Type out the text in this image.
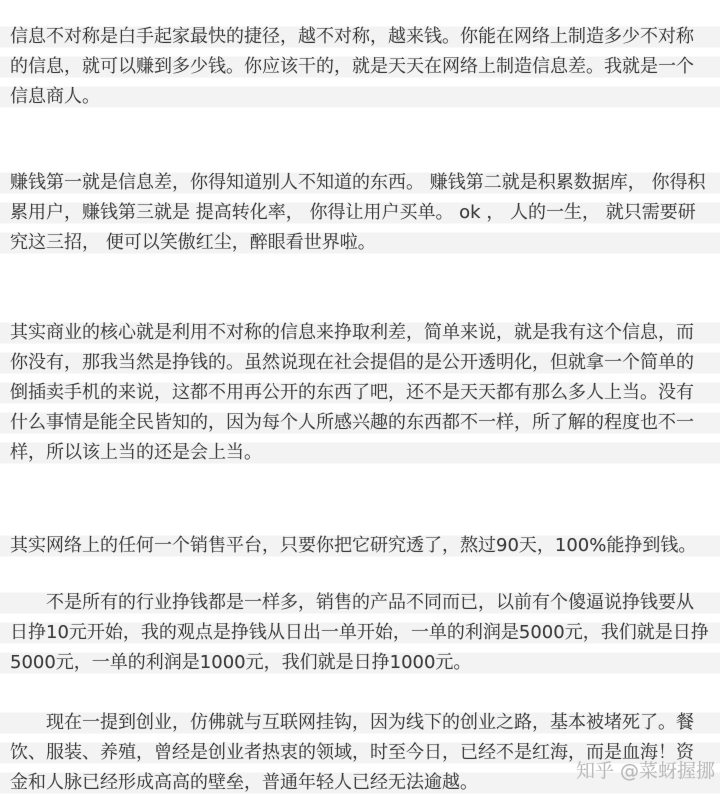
信息不对称是白手起家最快的捷径，越不对称，越来钱。你能在网络上制造多少不对称
的信息，就可以赚到多少钱。你应该干的，就是天天在网络上制造信息差。我就是一个
信息商人。
赚钱第一就是信息差，你得知道别人不知道的东西。 赚钱第二就是积累数据库， 你得积
累用户，赚钱第三就是 提高转化率， 你得让用户买单。 ok ， 人的一生， 就只需要研
究这三招， 便可以笑傲红尘，醉眼看世界啦。
其实商业的核心就是利用不对称的信息来挣取利差，简单来说，就是我有这个信息，而
你没有，那我当然是挣钱的。虽然说现在社会提倡的是公开透明化，但就拿一个简单的
倒插卖手机的来说，这都不用再公开的东西了吧，还不是天天都有那么多人上当。没有
什么事情是能全民皆知的，因为每个人所感兴趣的东西都不一样，所了解的程度也不一
样，所以该上当的还是会上当。
其实网络上的任何一个销售平台，只要你把它研究透了，熬过90天，100%能挣到钱。
　　不是所有的行业挣钱都是一样多，销售的产品不同而已，以前有个傻逼说挣钱要从
日挣10元开始，我的观点是挣钱从日出一单开始，一单的利润是5000元，我们就是日挣
5000元，一单的利润是1000元，我们就是日挣1000元。
　　现在一提到创业，仿佛就与互联网挂钩，因为线下的创业之路，基本被堵死了。餐
饮、服装、养殖，曾经是创业者热衷的领域，时至今日，已经不是红海，而是血海！资
金和人脉已经形成高高的壁垒，普通年轻人已经无法逾越。
知乎 @菜蚜握挪
